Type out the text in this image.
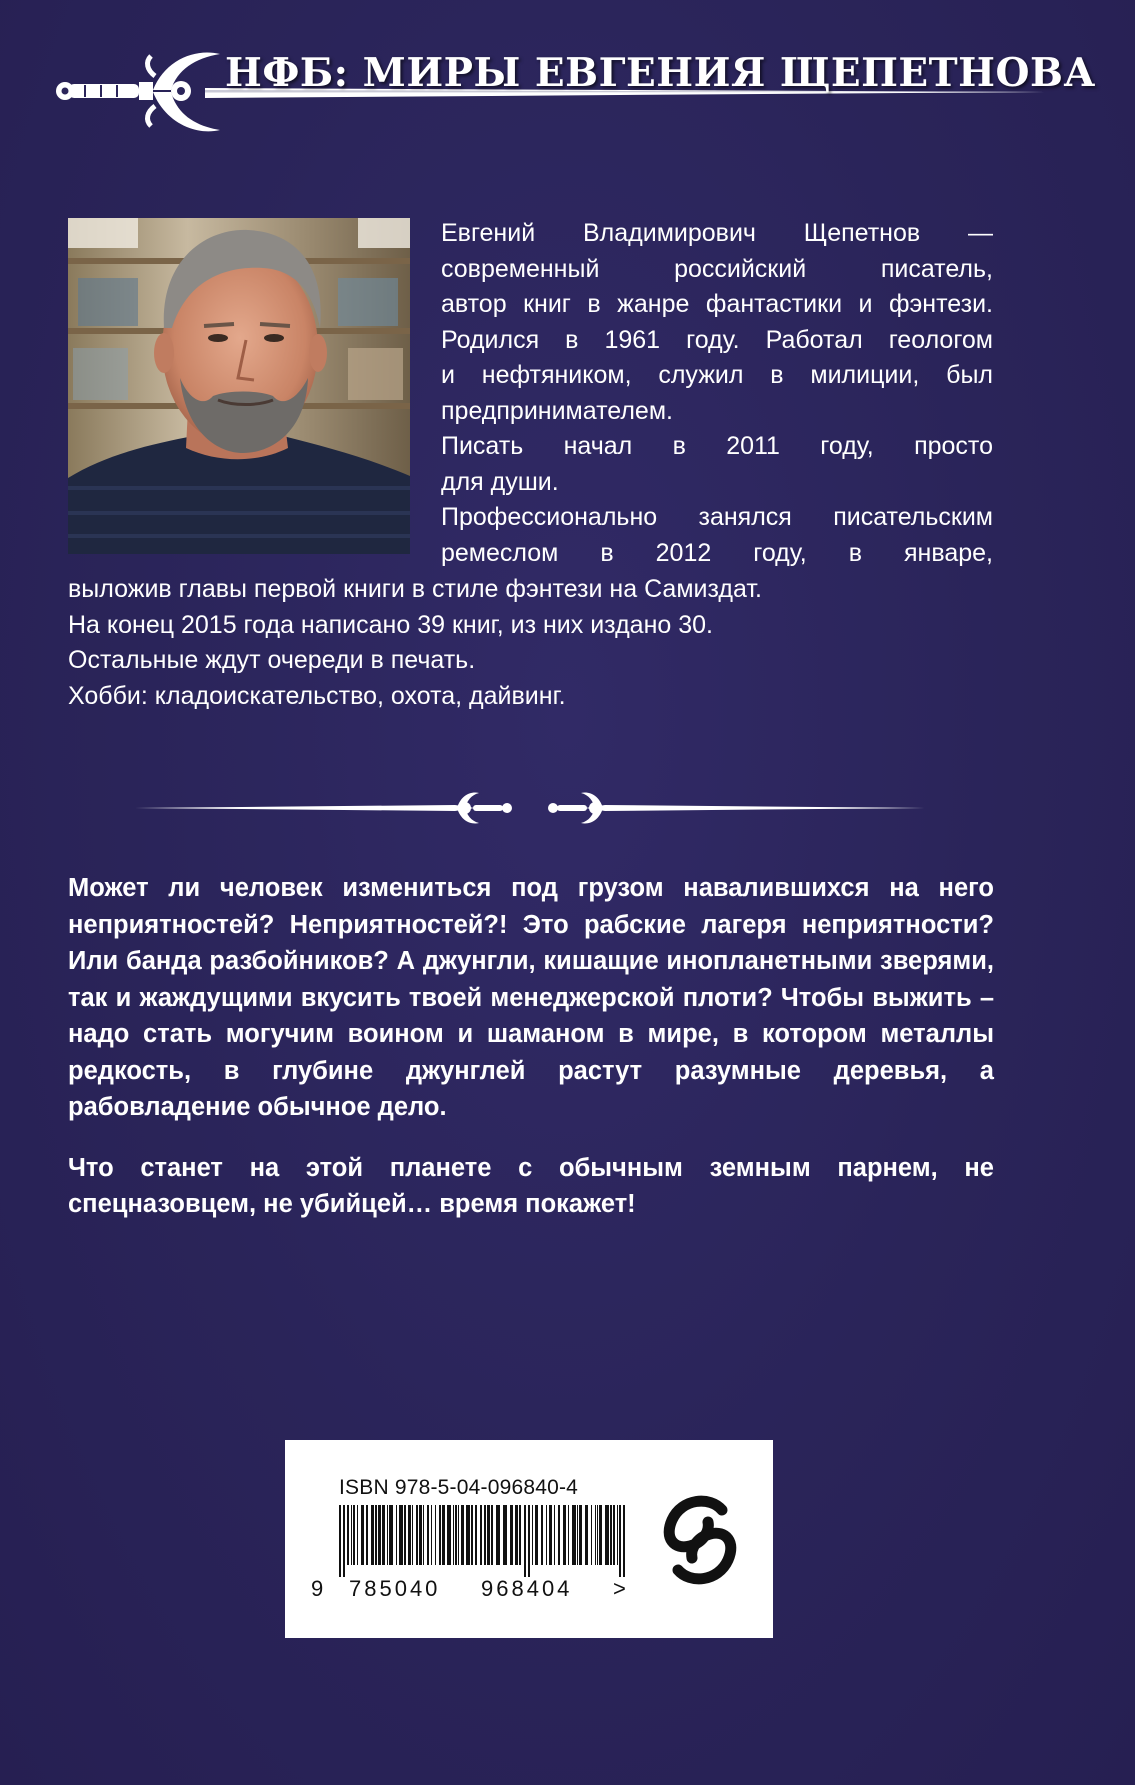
НФБ: МИРЫ ЕВГЕНИЯ ЩЕПЕТНОВА

Евгений Владимирович Щепетнов —

современный российский писатель,

автор книг в жанре фантастики и фэнтези.

Родился в 1961 году. Работал геологом

и нефтяником, служил в милиции, был

предпринимателем.

Писать начал в 2011 году, просто

для души.

Профессионально занялся писательским

ремеслом в 2012 году, в январе,

выложив главы первой книги в стиле фэнтези на Самиздат.

На конец 2015 года написано 39 книг, из них издано 30.

Остальные ждут очереди в печать.

Хобби: кладоискательство, охота, дайвинг.

Может ли человек измениться под грузом навалившихся на него неприятностей? Неприятностей?! Это рабские лагеря неприятности? Или банда разбойников? А джунгли, кишащие инопланетными зверями, так и жаждущими вкусить твоей менеджерской плоти? Чтобы выжить – надо стать могучим воином и шаманом в мире, в котором металлы редкость, в глубине джунглей растут разумные деревья, а рабовладение обычное дело.

Что станет на этой планете с обычным земным парнем, не спецназовцем, не убийцей… время покажет!

ISBN 978-5-04-096840-4
9 785040 968404 >
